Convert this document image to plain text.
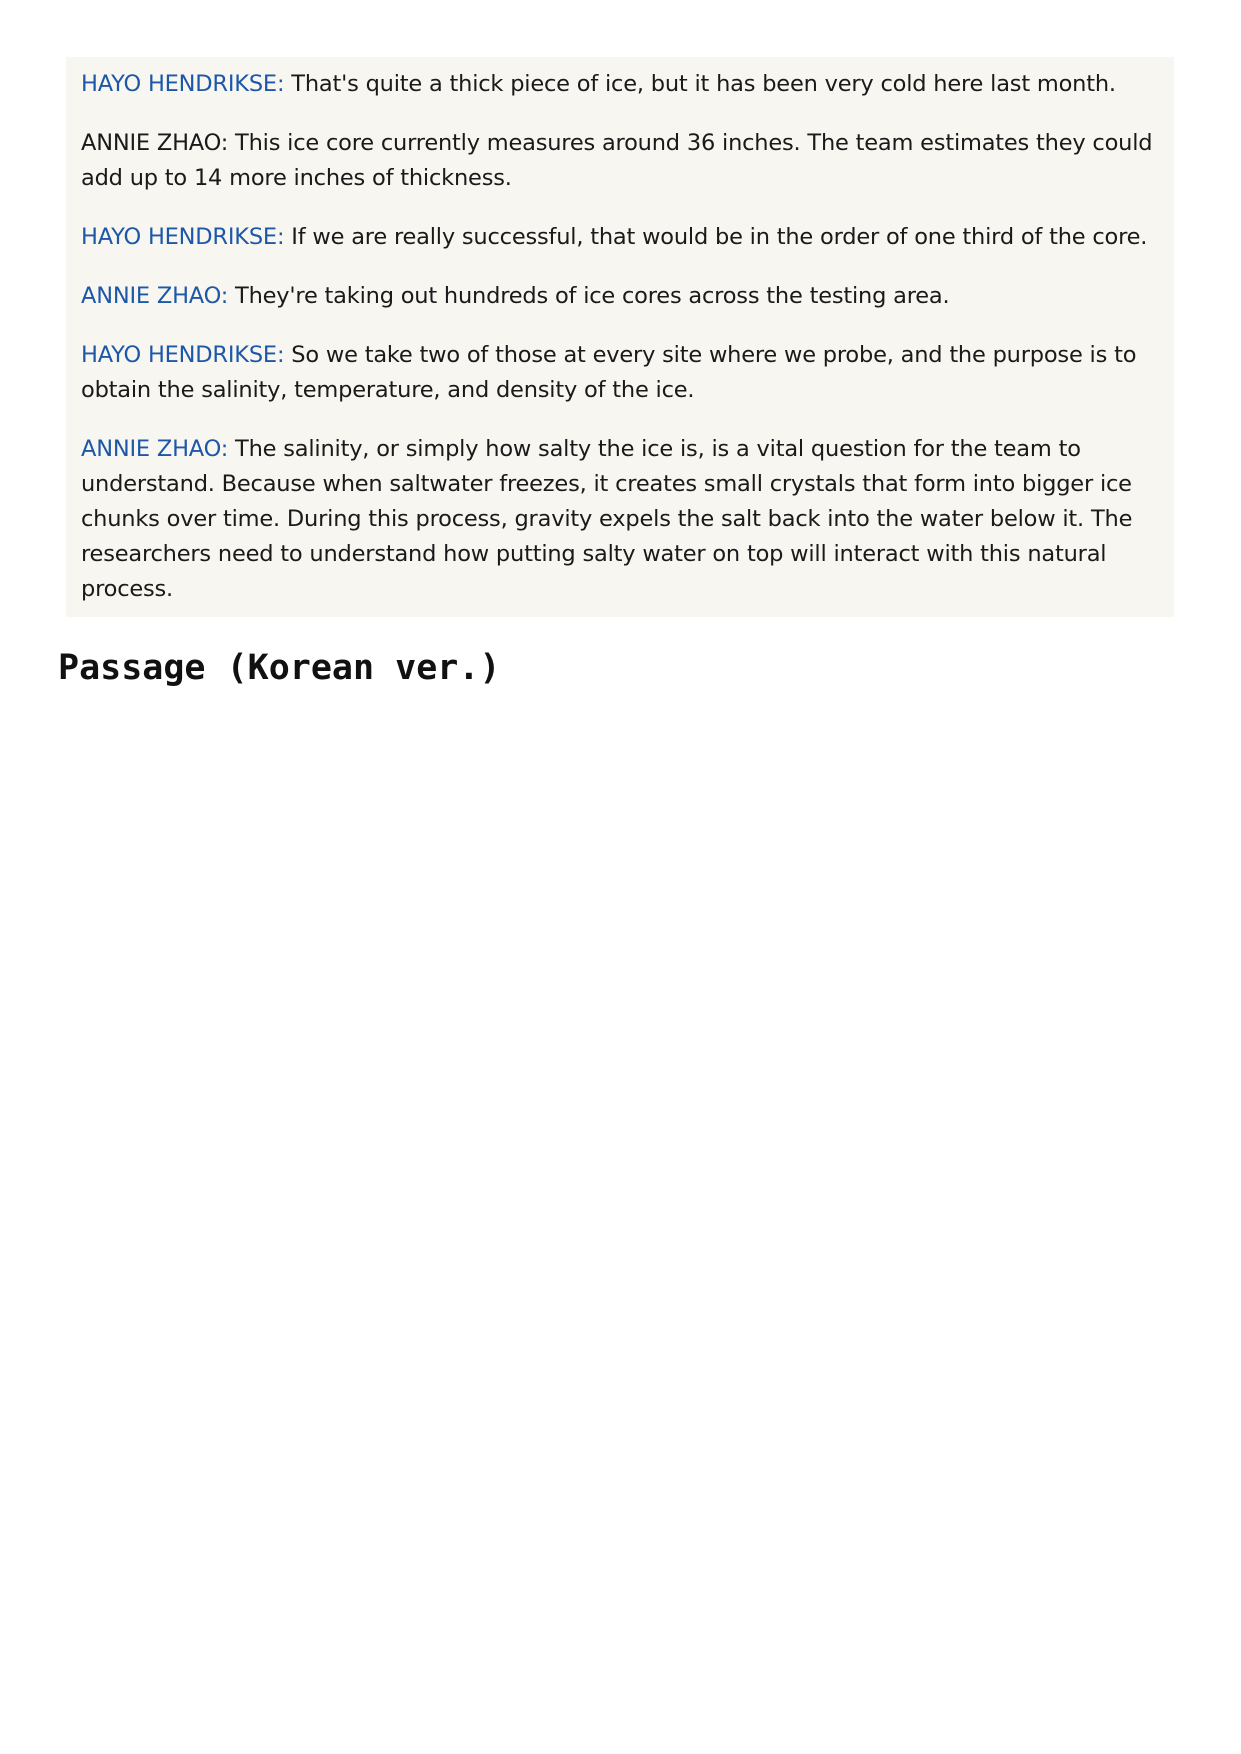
HAYO HENDRIKSE: That's quite a thick piece of ice, but it has been very cold here last month.

ANNIE ZHAO: This ice core currently measures around 36 inches. The team estimates they could add up to 14 more inches of thickness.

HAYO HENDRIKSE: If we are really successful, that would be in the order of one third of the core.

ANNIE ZHAO: They're taking out hundreds of ice cores across the testing area.

HAYO HENDRIKSE: So we take two of those at every site where we probe, and the purpose is to obtain the salinity, temperature, and density of the ice.

ANNIE ZHAO: The salinity, or simply how salty the ice is, is a vital question for the team to understand. Because when saltwater freezes, it creates small crystals that form into bigger ice chunks over time. During this process, gravity expels the salt back into the water below it. The researchers need to understand how putting salty water on top will interact with this natural process.

Passage (Korean ver.)
